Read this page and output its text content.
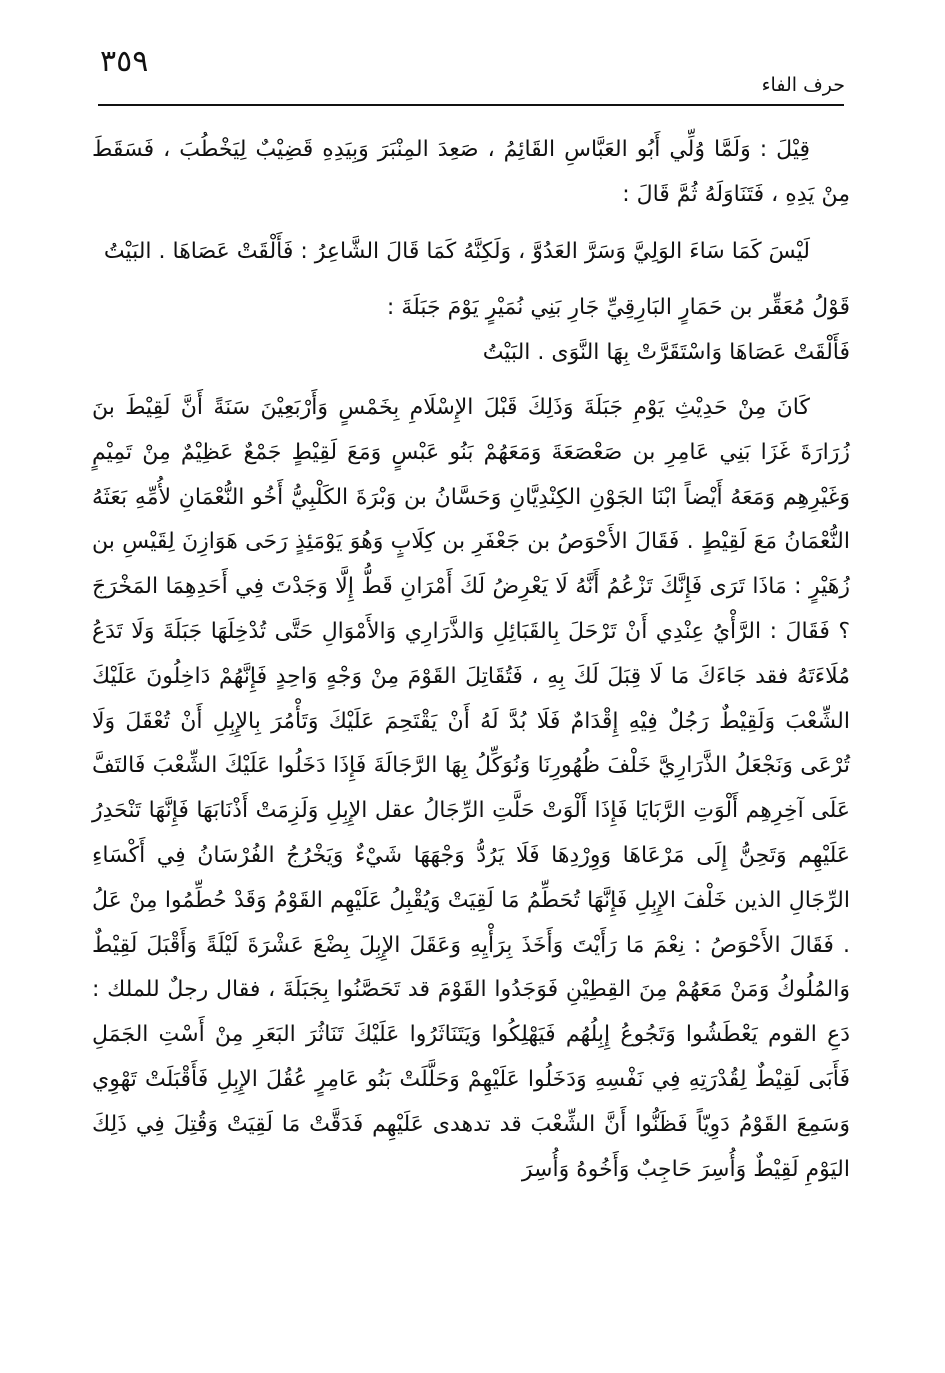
٣٥٩
حرف الفاء

قِيْلَ : وَلَمَّا وُلِّي أَبُو العَبَّاسِ القَائِمُ ، صَعِدَ المِنْبَرَ وَبِيَدِهِ قَضِيْبٌ لِيَخْطُبَ ، فَسَقَطَ مِنْ يَدِهِ ، فَتَنَاوَلَهُ ثُمَّ قَالَ :

لَيْسَ كَمَا سَاءَ الوَلِيَّ وَسَرَّ العَدُوَّ ، وَلَكِنَّهُ كَمَا قَالَ الشَّاعِرُ : فَأَلْقَتْ عَصَاهَا . البَيْتُ

قَوْلُ مُعَقِّر بن حَمَارٍ البَارِقِيِّ جَارِ بَنِي نُمَيْرٍ يَوْمَ جَبَلَةَ :

فَأَلْقَتْ عَصَاهَا وَاسْتَقَرَّتْ بِهَا النَّوَى . البَيْتُ

كَانَ مِنْ حَدِيْثِ يَوْمِ جَبَلَةَ وَذَلِكَ قَبْلَ الإِسْلَامِ بِخَمْسٍ وَأَرْبَعِيْنَ سَنَةً أَنَّ لَقِيْطَ بنَ زُرَارَةَ غَزَا بَنِي عَامِرِ بن صَعْصَعَةَ وَمَعَهُمْ بَنُو عَبْسٍ وَمَعَ لَقِيْطٍ جَمْعٌ عَظِيْمٌ مِنْ تَمِيْمٍ وَغَيْرِهِم وَمَعَهُ أَيْضاً ابْنَا الجَوْنِ الكِنْدِيَّانِ وَحَسَّانُ بن وَبْرَةَ الكَلْبِيُّ أَخُو النُّعْمَانِ لأُمِّهِ بَعَثَهُ النُّعْمَانُ مَعَ لَقِيْطٍ . فَقَالَ الأَحْوَصُ بن جَعْفَرِ بن كِلَابٍ وَهُوَ يَوْمَئِذٍ رَحَى هَوَازِنَ لِقَيْسِ بن زُهَيْرٍ : مَاذَا تَرَى فَإِنَّكَ تَزْعُمُ أَنَّهُ لَا يَعْرِضُ لَكَ أَمْرَانِ قَطُّ إِلَّا وَجَدْتَ فِي أَحَدِهِمَا المَخْرَجَ ؟ فَقَالَ : الرَّأْيُ عِنْدِي أَنْ تَرْحَلَ بِالقَبَائِلِ وَالذَّرَارِي وَالأَمْوَالِ حَتَّى تُدْخِلَهَا جَبَلَةَ وَلَا تَدَعُ مُلَاءَتَهُ فقد جَاءَكَ مَا لَا قِبَلَ لَكَ بِهِ ، فَتُقَاتِلَ القَوْمَ مِنْ وَجْهٍ وَاحِدٍ فَإِنَّهُمْ دَاخِلُونَ عَلَيْكَ الشِّعْبَ وَلَقِيْطٌ رَجُلٌ فِيْهِ إِقْدَامٌ فَلَا بُدَّ لَهُ أَنْ يَقْتَحِمَ عَلَيْكَ وَتَأْمُرَ بِالإِبِلِ أَنْ تُعْقَلَ وَلَا تُرْعَى وَنَجْعَلُ الذَّرَارِيَّ خَلْفَ ظُهُورِنَا وَنُوَكِّلُ بِهَا الرَّجَالَةَ فَإِذَا دَخَلُوا عَلَيْكَ الشِّعْبَ فَالتَفَّ عَلَى آخِرِهِم أَلْوَتِ الرَّبَايَا فَإِذَا أَلْوَتْ حَلَّتِ الرِّجَالُ عقل الإِبِلِ وَلَزِمَتْ أَذْنَابَهَا فَإِنَّهَا تَنْحَدِرُ عَلَيْهِم وَتَحِنُّ إِلَى مَرْعَاهَا وَوِرْدِهَا فَلَا يَرُدُّ وَجْهَهَا شَيْءٌ وَيَخْرُجُ الفُرْسَانُ فِي أَكْسَاءِ الرِّجَالِ الذين خَلْفَ الإِبِلِ فَإِنَّهَا تُحَطِّمُ مَا لَقِيَتْ وَيُقْبِلُ عَلَيْهِم القَوْمُ وَقَدْ حُطِّمُوا مِنْ عَلُ . فَقَالَ الأَحْوَصُ : نِعْمَ مَا رَأَيْتَ وَأَخَذَ بِرَأْيِهِ وَعَقَلَ الإِبِلَ بِضْعَ عَشْرَةَ لَيْلَةً وَأَقْبَلَ لَقِيْطٌ وَالمُلُوكُ وَمَنْ مَعَهُمْ مِنَ القِطِيْنِ فَوَجَدُوا القَوْمَ قد تَحَصَّنُوا بِجَبَلَةَ ، فقال رجلٌ للملك : دَعِ القوم يَعْطَشُوا وَتَجُوعُ إِبِلُهُم فَيَهْلِكُوا وَيَتَنَاثَرُوا عَلَيْكَ تَنَاثُرَ البَعَرِ مِنْ أَسْتِ الجَمَلِ فَأَبَى لَقِيْطٌ لِقُدْرَتِهِ فِي نَفْسِهِ وَدَخَلُوا عَلَيْهِمْ وَحَلَّلَتْ بَنُو عَامِرٍ عُقُلَ الإِبِلِ فَأَقْبَلَتْ تَهْوِي وَسَمِعَ القَوْمُ دَوِيّاً فَظَنُّوا أَنَّ الشِّعْبَ قد تدهدى عَلَيْهِم فَدَقَّتْ مَا لَقِيَتْ وَقُتِلَ فِي ذَلِكَ اليَوْمِ لَقِيْطٌ وَأُسِرَ حَاجِبٌ وَأَخُوهُ وَأُسِرَ
